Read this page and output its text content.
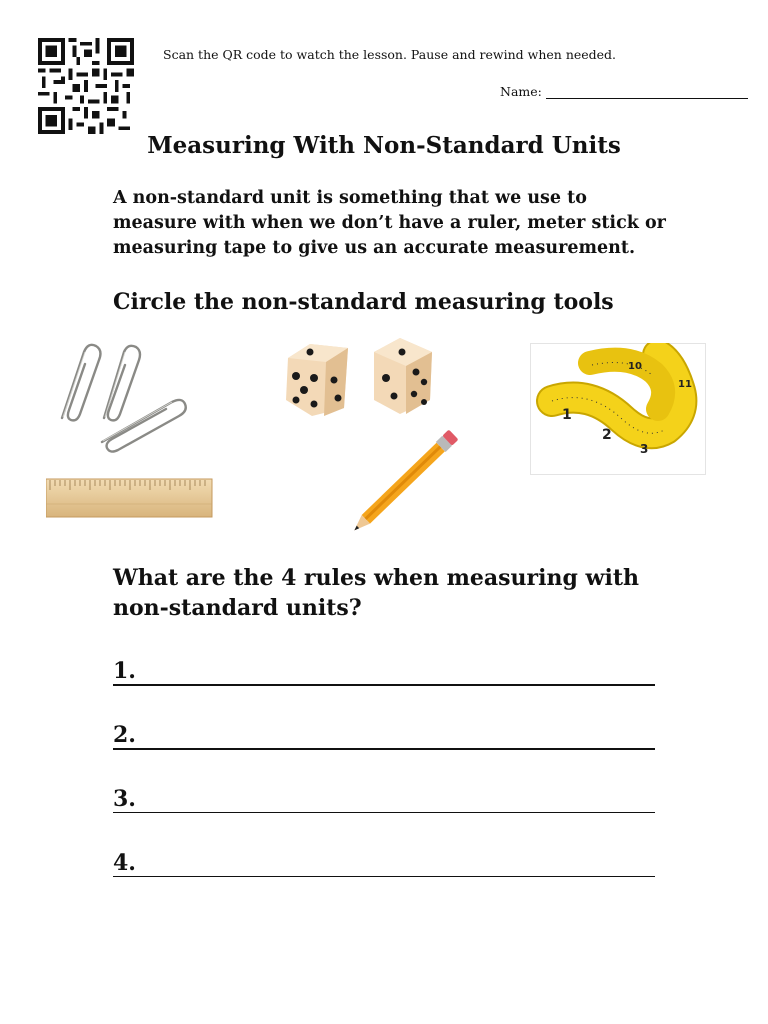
Scan the QR code to watch the lesson. Pause and rewind when needed.
Name:
Measuring With Non-Standard Units
A non-standard unit is something that we use to measure with when we don’t have a ruler, meter stick or measuring tape to give us an accurate measurement.
Circle the non-standard measuring tools
1
2
3
10
11
What are the 4 rules when measuring with non-standard units?
1.
2.
3.
4.
